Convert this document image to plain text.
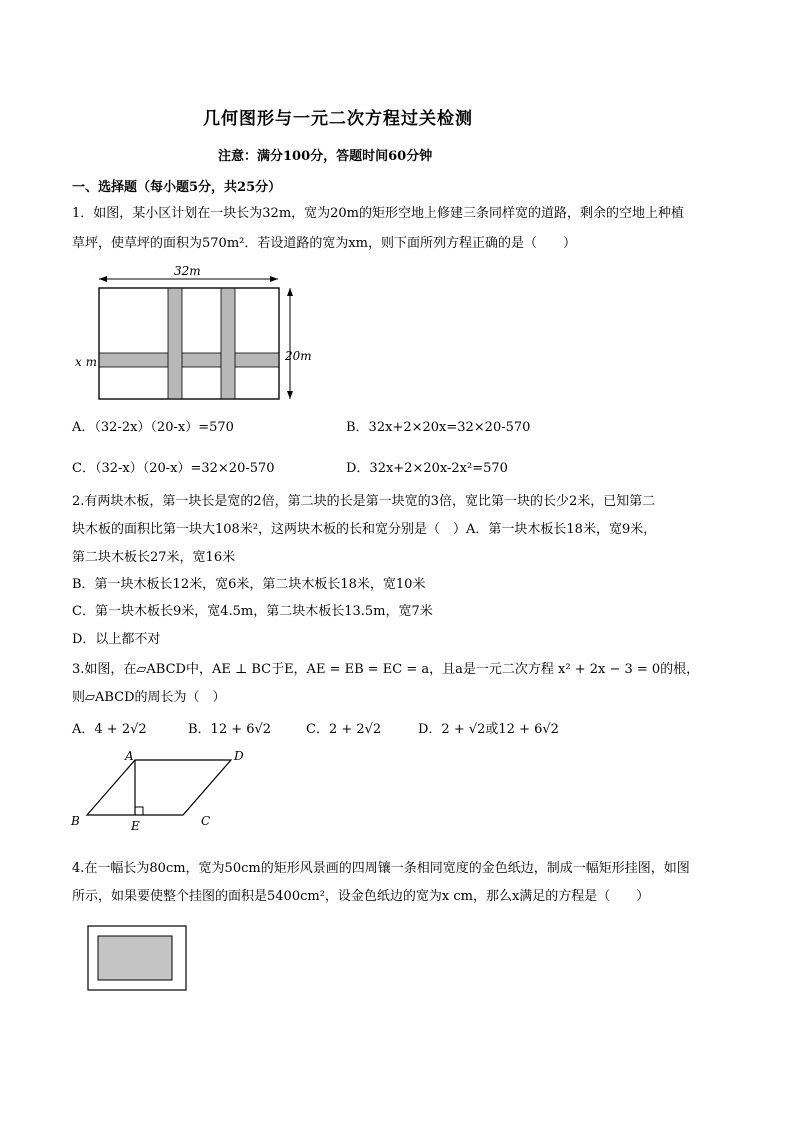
几何图形与一元二次方程过关检测
注意：满分100分，答题时间60分钟
一、选择题（每小题5分，共25分）
1．如图，某小区计划在一块长为32m，宽为20m的矩形空地上修建三条同样宽的道路，剩余的空地上种植
草坪，使草坪的面积为570m²．若设道路的宽为xm，则下面所列方程正确的是（　　）
32m
20m
x m
A．（32-2x）（20-x）=570	B．32x+2×20x=32×20-570
C．（32-x）（20-x）=32×20-570	D．32x+2×20x-2x²=570
2.有两块木板，第一块长是宽的2倍，第二块的长是第一块宽的3倍，宽比第一块的长少2米，已知第二
块木板的面积比第一块大108米²，这两块木板的长和宽分别是（　）A．第一块木板长18米，宽9米，
第二块木板长27米，宽16米
B．第一块木板长12米，宽6米，第二块木板长18米，宽10米
C．第一块木板长9米，宽4.5m，第二块木板长13.5m，宽7米
D．以上都不对
3.如图，在▱ABCD中，AE ⊥ BC于E，AE = EB = EC = a，且a是一元二次方程 x² + 2x − 3 = 0的根，
则▱ABCD的周长为（　）
A．4 + 2√2	B．12 + 6√2	C．2 + 2√2	D．2 + √2或12 + 6√2
A	D
B	E	C
4.在一幅长为80cm，宽为50cm的矩形风景画的四周镶一条相同宽度的金色纸边，制成一幅矩形挂图，如图
所示，如果要使整个挂图的面积是5400cm²，设金色纸边的宽为x cm，那么x满足的方程是（　　）
